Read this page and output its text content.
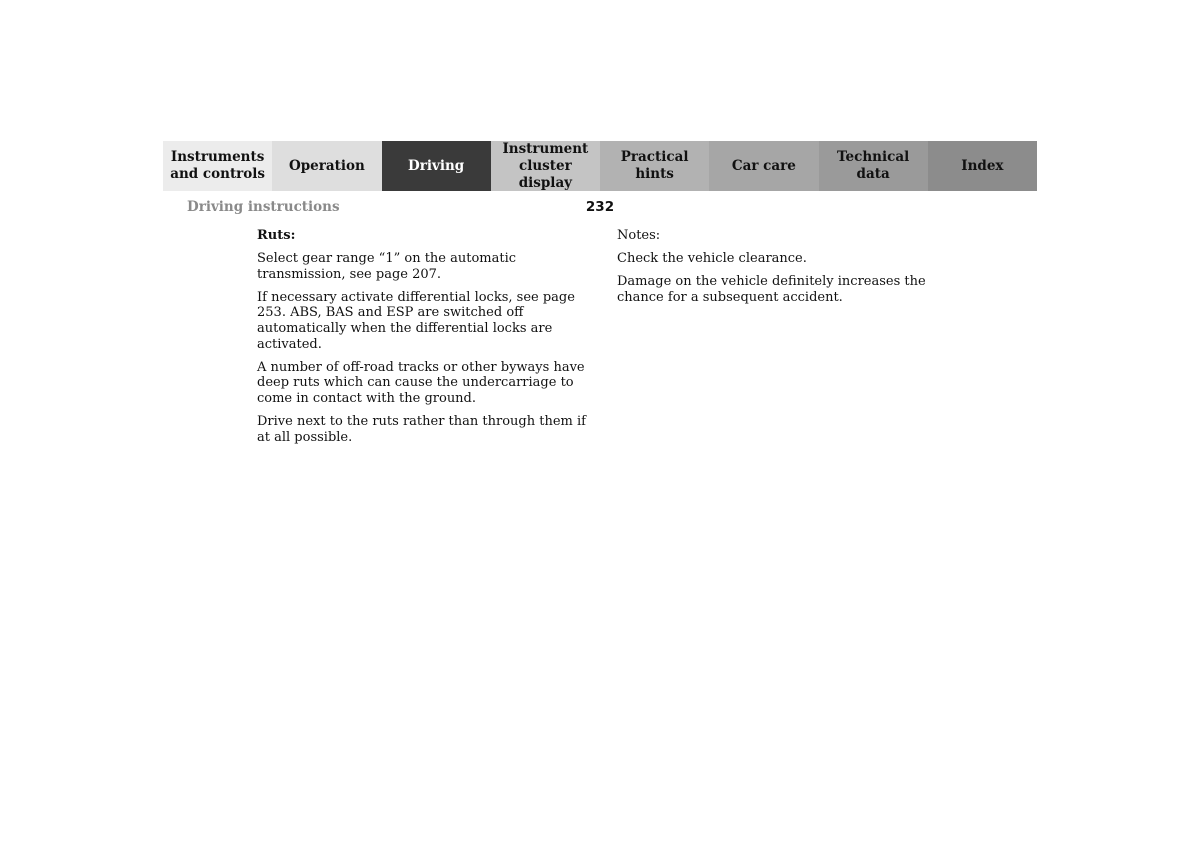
Instruments
and controls
Operation	Driving
Instrument
cluster display
Practical hints
Car care
Technical
data
Index
Driving instructions	232

Ruts:

Select gear range “1” on the automatic transmission, see page 207.

If necessary activate differential locks, see page 253. ABS, BAS and ESP are switched off automatically when the differential locks are activated.

A number of off-road tracks or other byways have deep ruts which can cause the undercarriage to come in contact with the ground.

Drive next to the ruts rather than through them if at all possible.

Notes:

Check the vehicle clearance.

Damage on the vehicle definitely increases the chance for a subsequent accident.
